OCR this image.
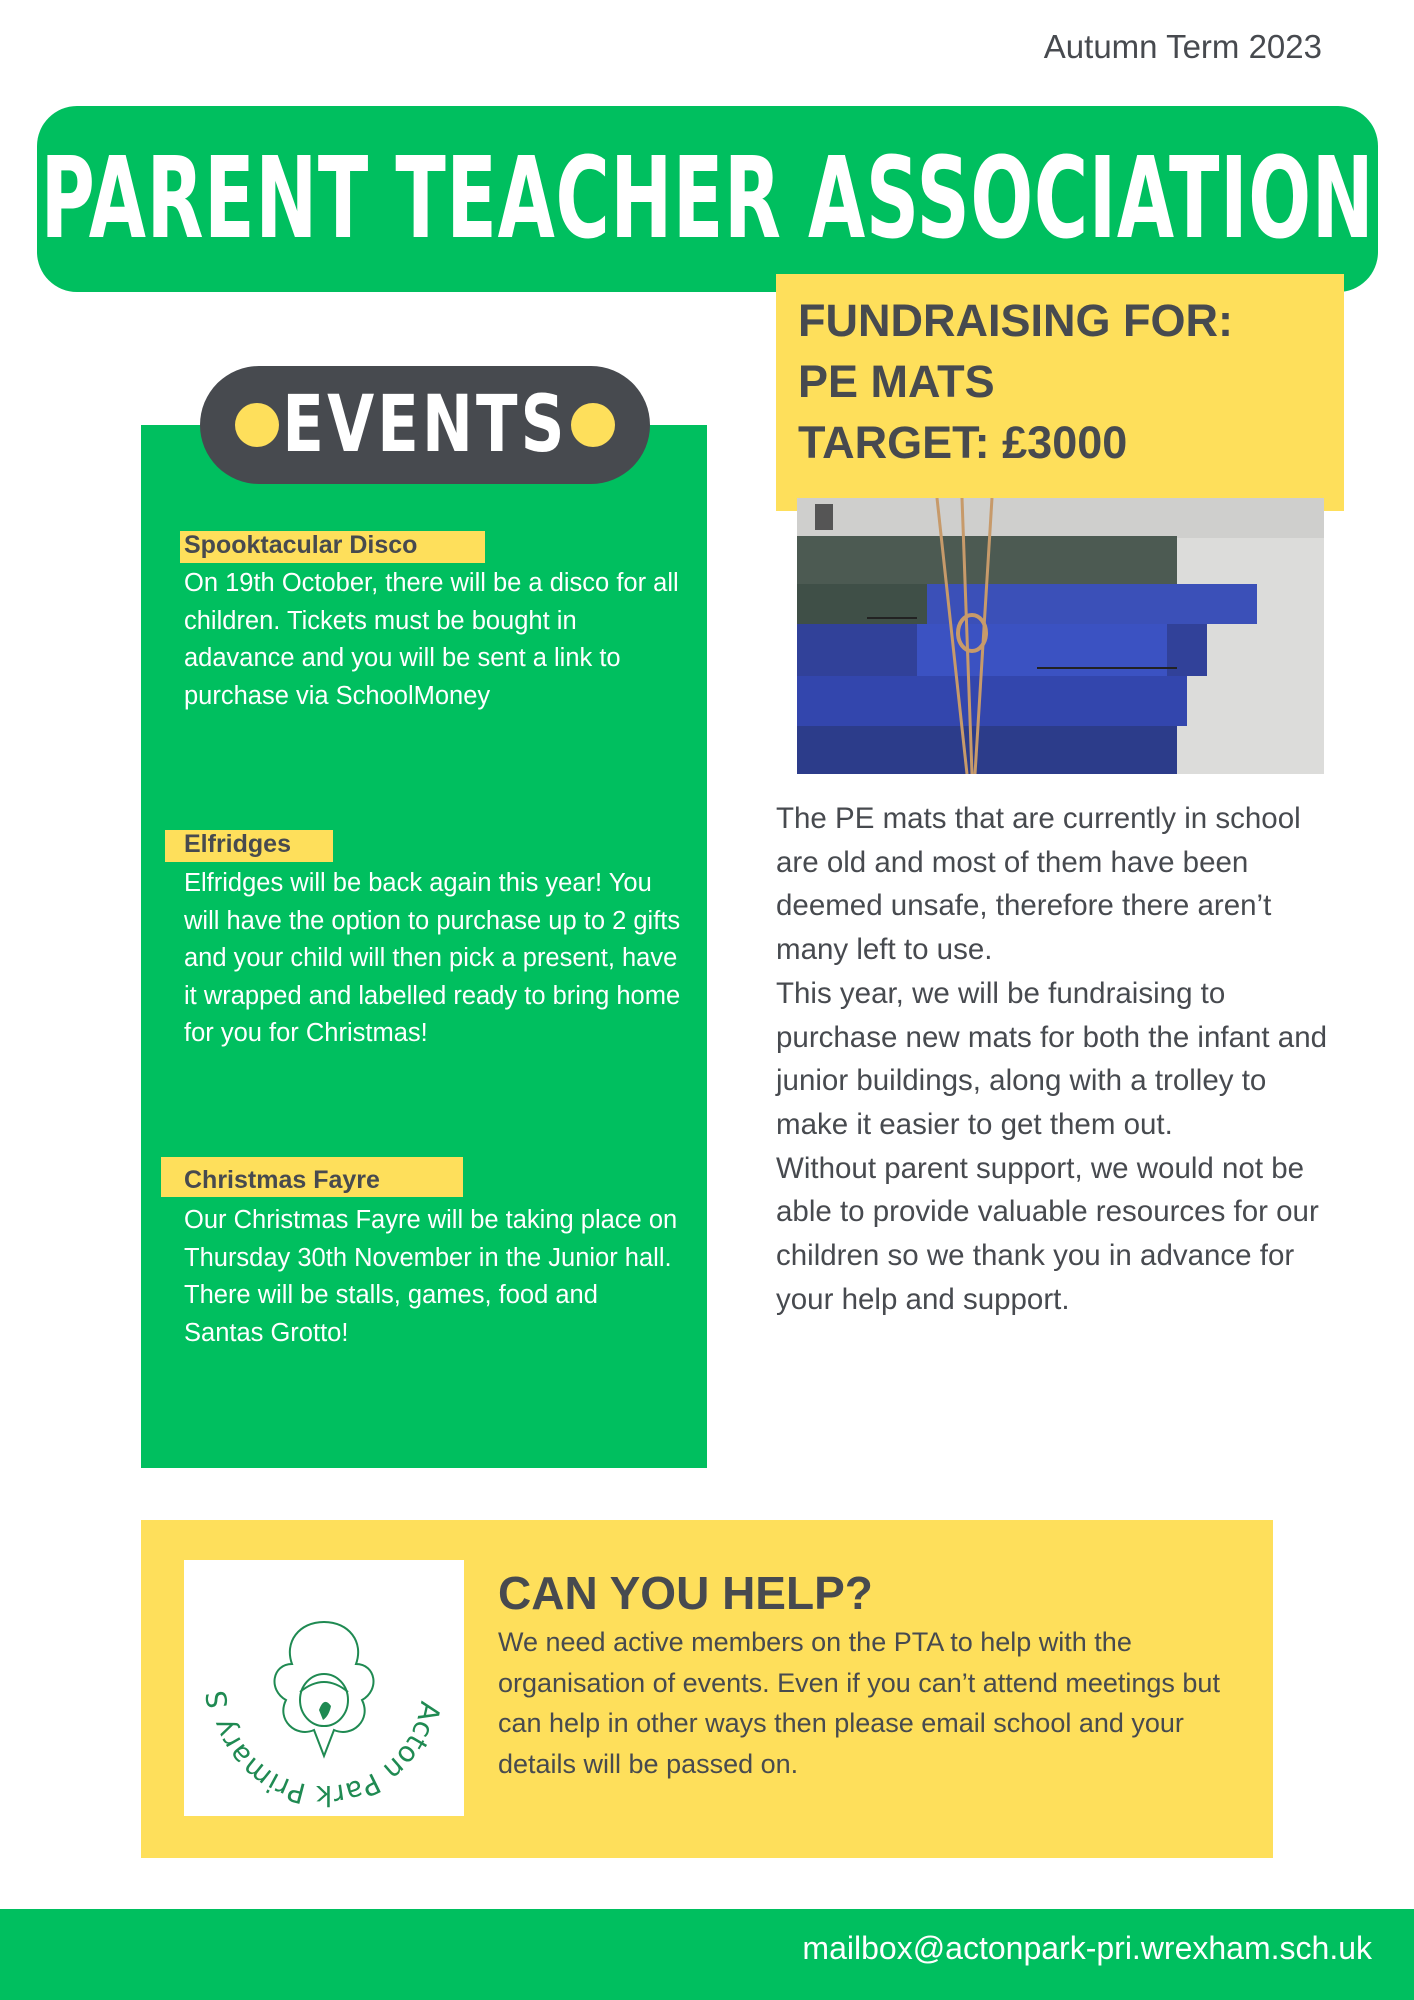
Autumn Term 2023
PARENT TEACHER ASSOCIATION
EVENTS
Spooktacular Disco
On 19th October, there will be a disco for all children. Tickets must be bought in adavance and you will be sent a link to purchase via SchoolMoney
Elfridges
Elfridges will be back again this year! You will have the option to purchase up to 2 gifts and your child will then pick a present, have it wrapped and labelled ready to bring home for you for Christmas!
Christmas Fayre
Our Christmas Fayre will be taking place on Thursday 30th November in the Junior hall. There will be stalls, games, food and Santas Grotto!
FUNDRAISING FOR:
PE MATS
TARGET: £3000

The PE mats that are currently in school are old and most of them have been deemed unsafe, therefore there aren’t many left to use.

This year, we will be fundraising to purchase new mats for both the infant and junior buildings, along with a trolley to make it easier to get them out.

Without parent support, we would not be able to provide valuable resources for our children so we thank you in advance for your help and support.

Acton Park Primary S
CAN YOU HELP?
We need active members on the PTA to help with the organisation of events. Even if you can’t attend meetings but can help in other ways then please email school and your details will be passed on.
mailbox@actonpark-pri.wrexham.sch.uk
